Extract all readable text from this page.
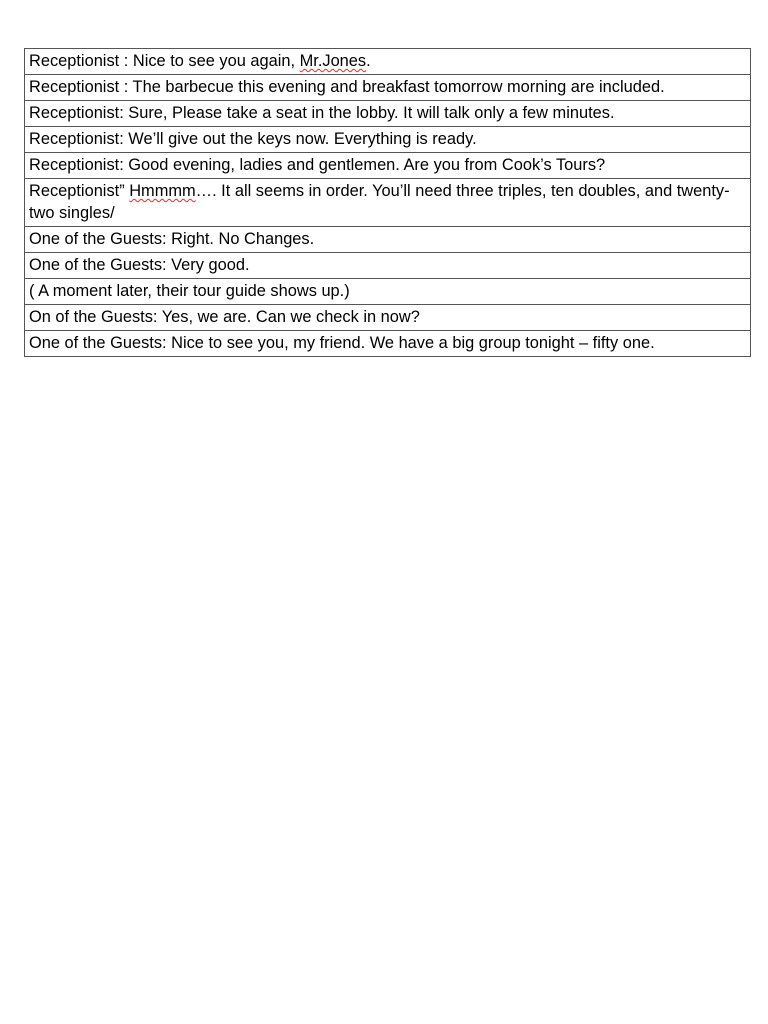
Receptionist : Nice to see you again, Mr.Jones.
Receptionist : The barbecue this evening and breakfast tomorrow morning are included.
Receptionist: Sure, Please take a seat in the lobby. It will talk only a few minutes.
Receptionist: We’ll give out the keys now. Everything is ready.
Receptionist: Good evening, ladies and gentlemen. Are you from Cook’s Tours?
Receptionist” Hmmmm…. It all seems in order. You’ll need three triples, ten doubles, and twenty-two singles/
One of the Guests: Right. No Changes.
One of the Guests: Very good.
( A moment later, their tour guide shows up.)
On of the Guests: Yes, we are. Can we check in now?
One of the Guests: Nice to see you, my friend. We have a big group tonight – fifty one.
